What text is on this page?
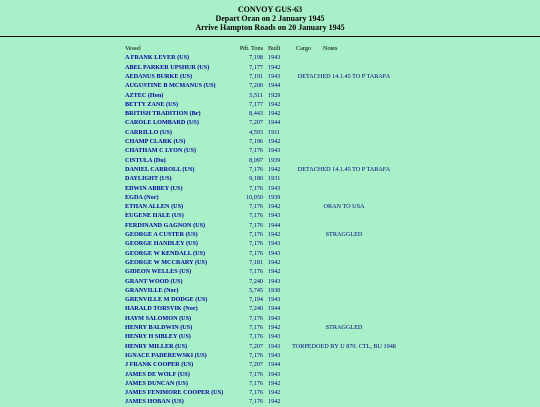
CONVOY GUS-63
Depart Oran on 2 January 1945
Arrive Hampton Roads on 20 January 1945
Vessel	Pdt. Tons Built	Cargo Notes
A FRANK LEVER (US)	7,198 1943
ABEL PARKER UPSHUR (US)	7,177 1942
AEDANUS BURKE (US)	7,191 1943	DETACHED 14.1.45 TO P TARAFA
AUGUSTINE B MCMANUS (US)	7,200 1944
AZTEC (Hon)	5,511 1929
BETTY ZANE (US)	7,177 1942
BRITISH TRADITION (Br)	8,443 1942
CAROLE LOMBARD (US)	7,207 1944
CARRILLO (US)	4,593 1911
CHAMP CLARK (US)	7,196 1942
CHATHAM C LYON (US)	7,176 1943
CISTULA (Du)	8,097 1939
DANIEL CARROLL (US)	7,176 1942	DETACHED 14.1.45 TO P TARAFA
DAYLIGHT (US)	9,180 1931
EDWIN ABBEY (US)	7,176 1943
EGDA (Nor)	10,050 1939
ETHAN ALLEN (US)	7,176 1942	ORAN TO USA
EUGENE HALE (US)	7,176 1943
FERDINAND GAGNON (US)	7,176 1944
GEORGE A CUSTER (US)	7,176 1942	STRAGGLED
GEORGE HANDLEY (US)	7,176 1943
GEORGE W KENDALL (US)	7,176 1943
GEORGE W MCCRARY (US)	7,181 1942
GIDEON WELLES (US)	7,176 1942
GRANT WOOD (US)	7,240 1943
GRANVILLE (Nor)	5,745 1930
GRENVILLE M DODGE (US)	7,194 1943
HARALD TORSVIK (Nor)	7,240 1944
HAYM SALOMON (US)	7,176 1943
HENRY BALDWIN (US)	7,176 1942	STRAGGLED
HENRY H SIBLEY (US)	7,176 1943
HENRY MILLER (US)	7,207 1943	TORPEDOED BY U 870. CTL, BU 1948
IGNACE PADEREWSKI (US)	7,176 1943
J FRANK COOPER (US)	7,207 1944
JAMES DE WOLF (US)	7,176 1943
JAMES DUNCAN (US)	7,176 1942
JAMES FENIMORE COOPER (US)	7,176 1942
JAMES HOBAN (US)	7,176 1942
